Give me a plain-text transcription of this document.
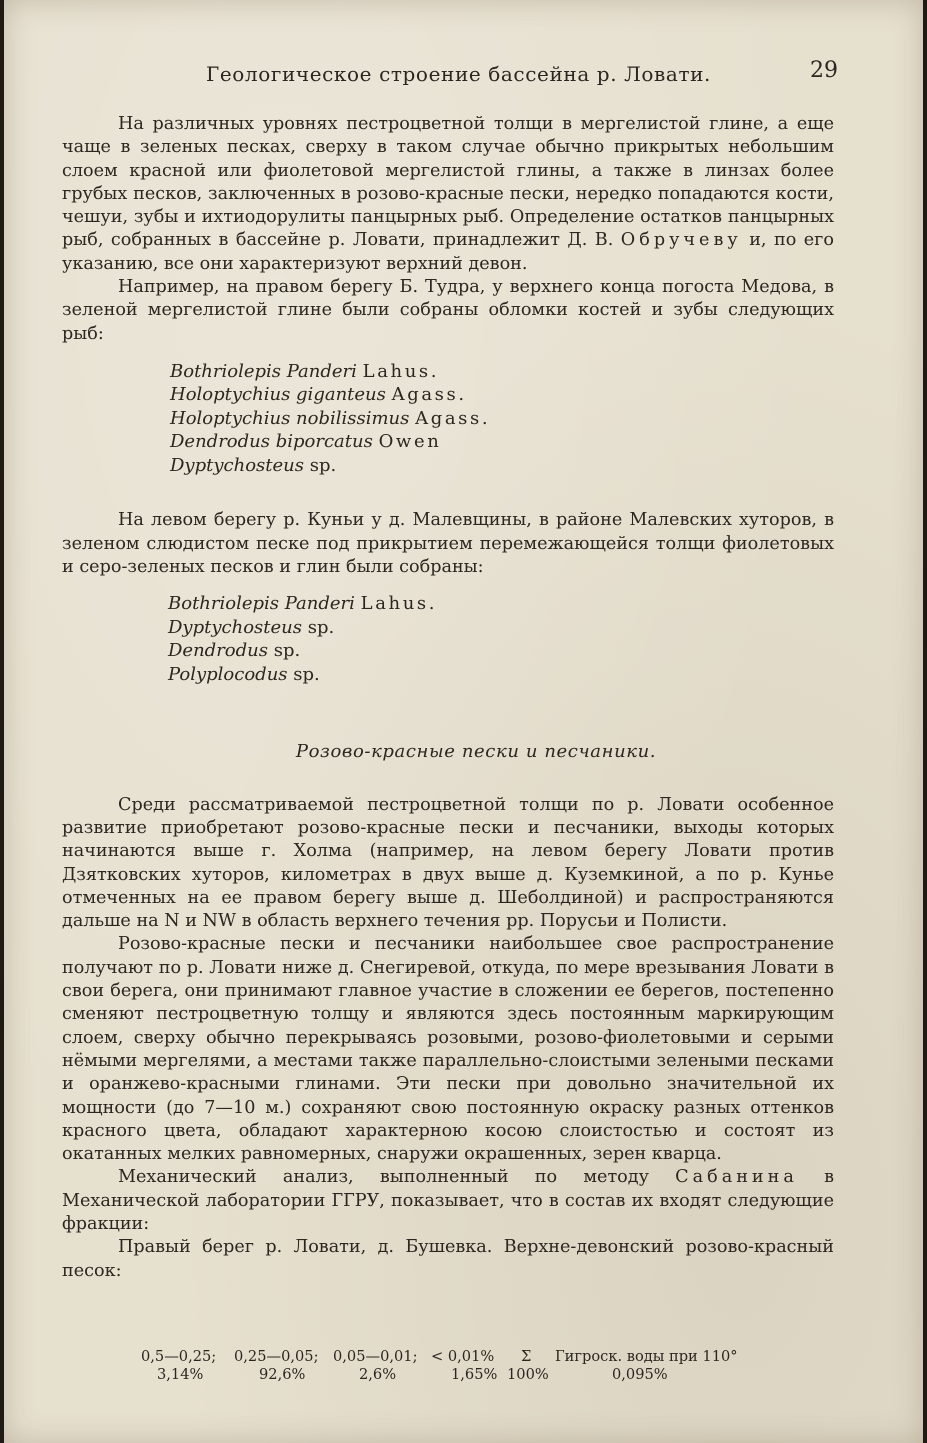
Геологическое строение бассейна р. Ловати.	29

На различных уровнях пестроцветной толщи в мергелистой глине, а еще чаще в зеленых песках, сверху в таком случае обычно прикрытых небольшим слоем красной или фиолетовой мергелистой глины, а также в линзах более грубых песков, заключенных в розово-красные пески, нередко попадаются кости, чешуи, зубы и ихтиодорулиты панцырных рыб. Определение остатков панцырных рыб, собранных в бассейне р. Ловати, принадлежит Д. В. Обручеву и, по его указанию, все они характеризуют верхний девон.

Например, на правом берегу Б. Тудра, у верхнего конца погоста Медова, в зеленой мергелистой глине были собраны обломки костей и зубы следующих рыб:

Bothriolepis Panderi Lahus.
Holoptychius giganteus Agass.
Holoptychius nobilissimus Agass.
Dendrodus biporcatus Owen
Dyptychosteus sp.

На левом берегу р. Куньи у д. Малевщины, в районе Малевских хуторов, в зеленом слюдистом песке под прикрытием перемежающейся толщи фиолетовых и серо-зеленых песков и глин были собраны:

Bothriolepis Panderi Lahus.
Dyptychosteus sp.
Dendrodus sp.
Polyplocodus sp.

Розово-красные пески и песчаники.

Среди рассматриваемой пестроцветной толщи по р. Ловати особенное развитие приобретают розово-красные пески и песчаники, выходы которых начинаются выше г. Холма (например, на левом берегу Ловати против Дзятковских хуторов, километрах в двух выше д. Куземкиной, а по р. Кунье отмеченных на ее правом берегу выше д. Шеболдиной) и распространяются дальше на N и NW в область верхнего течения рр. Порусьи и Полисти.

Розово-красные пески и песчаники наибольшее свое распространение получают по р. Ловати ниже д. Снегиревой, откуда, по мере врезывания Ловати в свои берега, они принимают главное участие в сложении ее берегов, постепенно сменяют пестроцветную толщу и являются здесь постоянным маркирующим слоем, сверху обычно перекрываясь розовыми, розово-фиолетовыми и серыми нёмыми мергелями, а местами также параллельно-слоистыми зелеными песками и оранжево-красными глинами. Эти пески при довольно значительной их мощности (до 7—10 м.) сохраняют свою постоянную окраску разных оттенков красного цвета, обладают характерною косою слоистостью и состоят из окатанных мелких равномерных, снаружи окрашенных, зерен кварца.

Механический анализ, выполненный по методу Сабанина в Механической лаборатории ГГРУ, показывает, что в состав их входят следующие фракции:

Правый берег р. Ловати, д. Бушевка. Верхне-девонский розово-красный песок:

0,5—0,25; 0,25—0,05; 0,05—0,01; < 0,01% Σ Гигроск. воды при 110°
3,14%	92,6%	2,6%	1,65% 100%	0,095%
